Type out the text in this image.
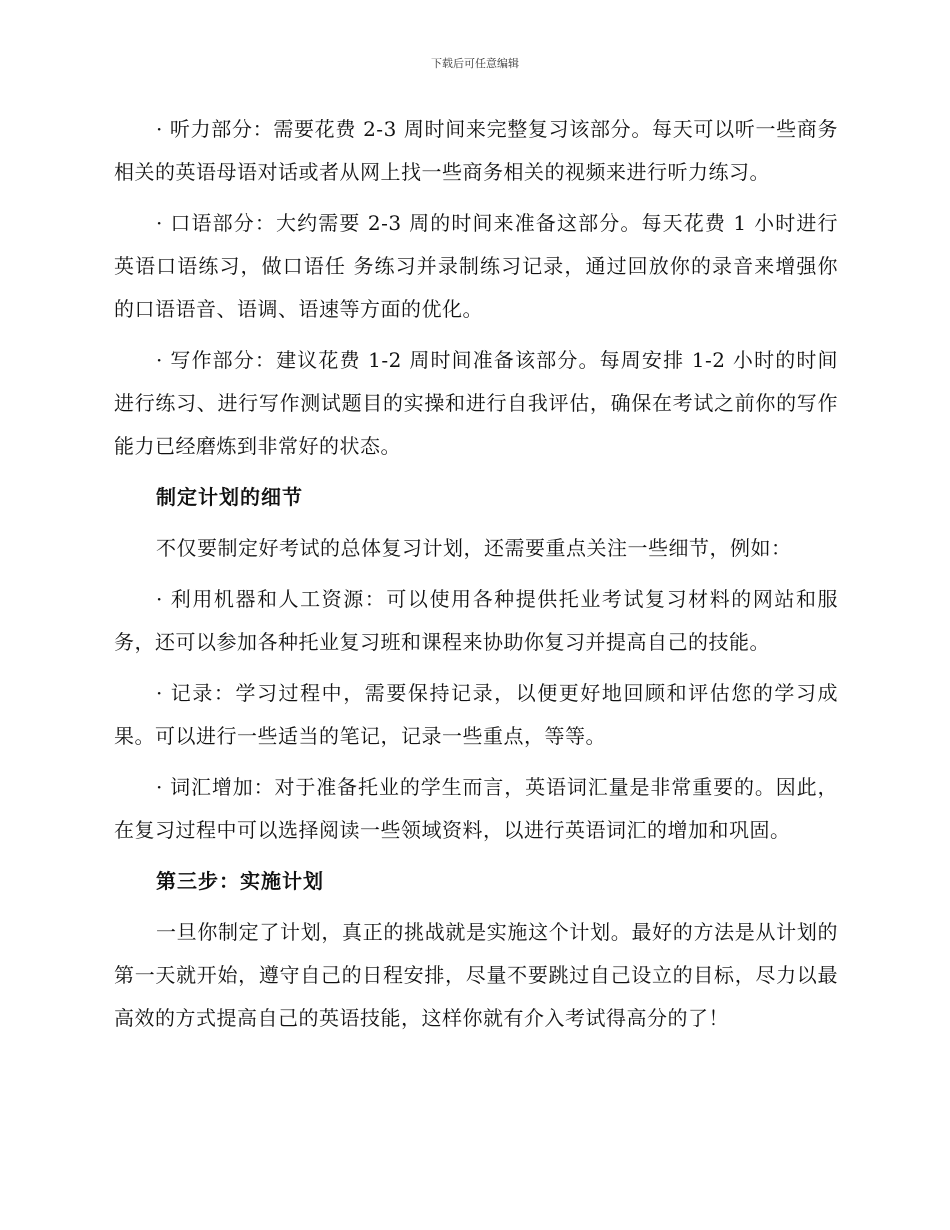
下载后可任意编辑

· 听力部分：需要花费 2-3 周时间来完整复习该部分。每天可以听一些商务相关的英语母语对话或者从网上找一些商务相关的视频来进行听力练习。

· 口语部分：大约需要 2-3 周的时间来准备这部分。每天花费 1 小时进行英语口语练习，做口语任 务练习并录制练习记录，通过回放你的录音来增强你的口语语音、语调、语速等方面的优化。

· 写作部分：建议花费 1-2 周时间准备该部分。每周安排 1-2 小时的时间进行练习、进行写作测试题目的实操和进行自我评估，确保在考试之前你的写作能力已经磨炼到非常好的状态。

制定计划的细节

不仅要制定好考试的总体复习计划，还需要重点关注一些细节，例如：

· 利用机器和人工资源：可以使用各种提供托业考试复习材料的网站和服务，还可以参加各种托业复习班和课程来协助你复习并提高自己的技能。

· 记录：学习过程中，需要保持记录，以便更好地回顾和评估您的学习成果。可以进行一些适当的笔记，记录一些重点，等等。

· 词汇增加：对于准备托业的学生而言，英语词汇量是非常重要的。因此，在复习过程中可以选择阅读一些领域资料，以进行英语词汇的增加和巩固。

第三步：实施计划

一旦你制定了计划，真正的挑战就是实施这个计划。最好的方法是从计划的第一天就开始，遵守自己的日程安排，尽量不要跳过自己设立的目标，尽力以最高效的方式提高自己的英语技能，这样你就有介入考试得高分的了！
